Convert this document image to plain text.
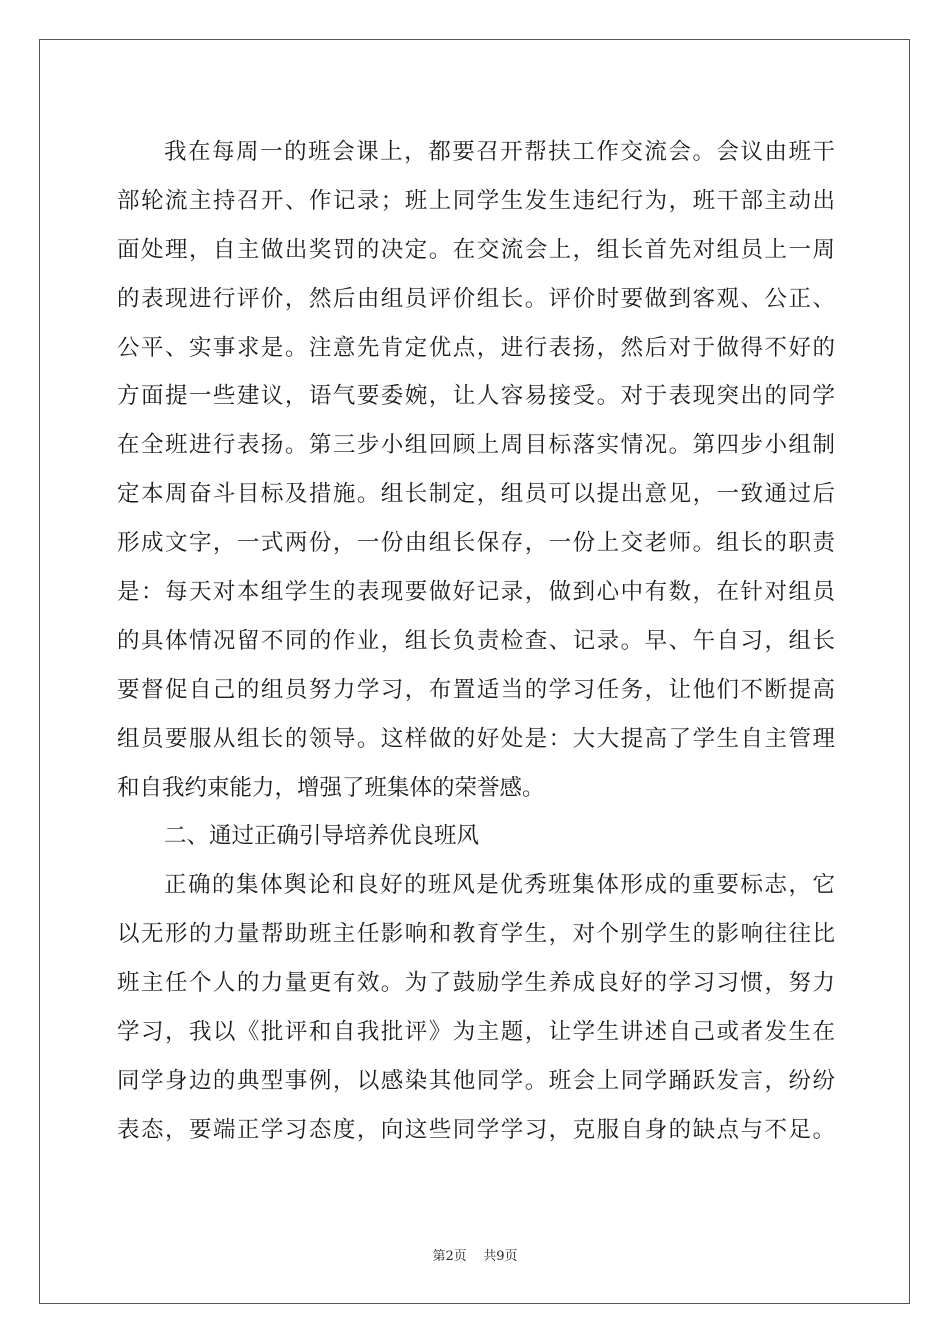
我在每周一的班会课上，都要召开帮扶工作交流会。会议由班干
部轮流主持召开、作记录；班上同学生发生违纪行为，班干部主动出
面处理，自主做出奖罚的决定。在交流会上，组长首先对组员上一周
的表现进行评价，然后由组员评价组长。评价时要做到客观、公正、
公平、实事求是。注意先肯定优点，进行表扬，然后对于做得不好的
方面提一些建议，语气要委婉，让人容易接受。对于表现突出的同学
在全班进行表扬。第三步小组回顾上周目标落实情况。第四步小组制
定本周奋斗目标及措施。组长制定，组员可以提出意见，一致通过后
形成文字，一式两份，一份由组长保存，一份上交老师。组长的职责
是：每天对本组学生的表现要做好记录，做到心中有数，在针对组员
的具体情况留不同的作业，组长负责检查、记录。早、午自习，组长
要督促自己的组员努力学习，布置适当的学习任务，让他们不断提高
组员要服从组长的领导。这样做的好处是：大大提高了学生自主管理
和自我约束能力，增强了班集体的荣誉感。
二、通过正确引导培养优良班风
正确的集体舆论和良好的班风是优秀班集体形成的重要标志，它
以无形的力量帮助班主任影响和教育学生，对个别学生的影响往往比
班主任个人的力量更有效。为了鼓励学生养成良好的学习习惯，努力
学习，我以《批评和自我批评》为主题，让学生讲述自己或者发生在
同学身边的典型事例，以感染其他同学。班会上同学踊跃发言，纷纷
表态，要端正学习态度，向这些同学学习，克服自身的缺点与不足。
第2页 共9页
